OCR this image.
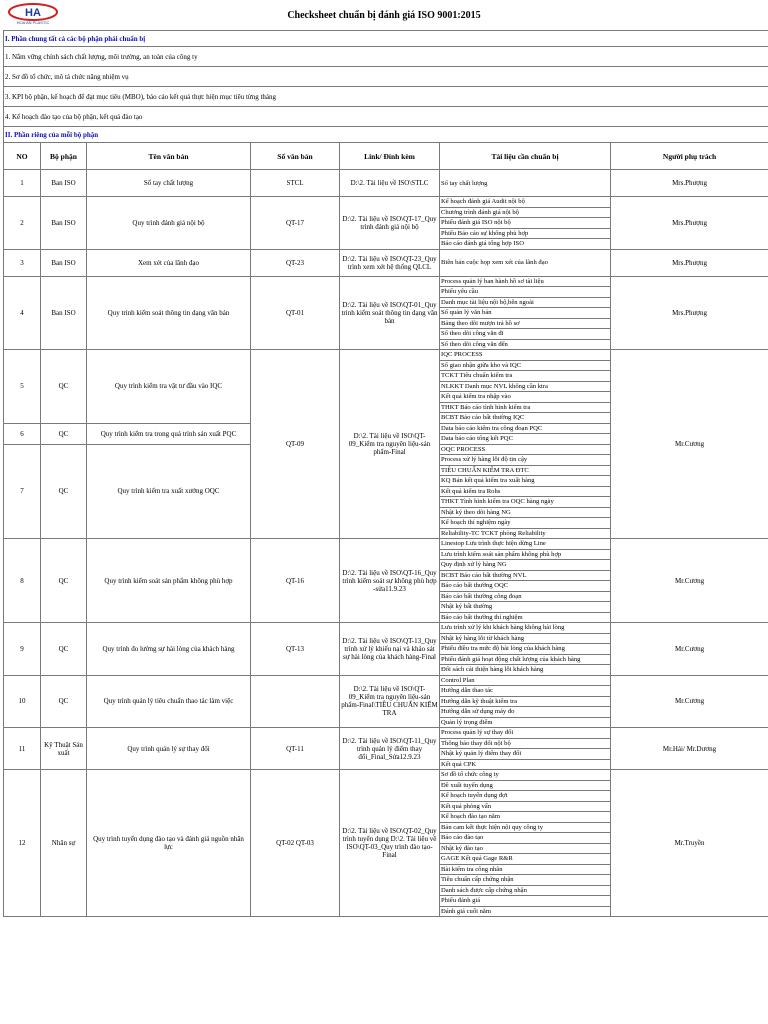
HA
HOA AN PLASTIC
Checksheet chuẩn bị đánh giá ISO 9001:2015
I. Phần chung tất cả các bộ phận phải chuẩn bị						
1. Nắm vững chính sách chất lượng, môi trường, an toàn của công ty						
2. Sơ đồ tổ chức, mô tả chức năng nhiệm vụ						
3. KPI bộ phận, kế hoạch để đạt mục tiêu (MBO), báo cáo kết quả thực hiện mục tiêu từng tháng						
4. Kế hoạch đào tạo của bộ phận, kết quả đào tạo						
II. Phần riêng của mỗi bộ phận						
NO	Bộ phận	Tên văn bản	Số văn bản	Link/ Đính kèm	Tài liệu cần chuẩn bị	Người phụ trách
1	Ban ISO	Sổ tay chất lượng	STCL	D:\2. Tài liệu về ISO\STLC	Sổ tay chất lượng	Mrs.Phượng
2	Ban ISO	Quy trình đánh giá nội bộ	QT-17	D:\2. Tài liệu về ISO\QT-17_Quy trình đánh giá nội bộ	Kế hoạch đánh giá Audit nội bộ	Mrs.Phượng
					Chương trình đánh giá nội bộ	
					Phiếu đánh giá ISO nội bộ	
					Phiếu Báo cáo sự không phù hợp	
					Báo cáo đánh giá tổng hợp ISO	
3	Ban ISO	Xem xét của lãnh đạo	QT-23	D:\2. Tài liệu về ISO\QT-23_Quy trình xem xét hệ thống QLCL	Biên bản cuộc họp xem xét của lãnh đạo	Mrs.Phượng
4	Ban ISO	Quy trình kiểm soát thông tin dạng văn bản	QT-01	D:\2. Tài liệu về ISO\QT-01_Quy trình kiểm soát thông tin dạng văn bản	Process quản lý ban hành hồ sơ tài liệu	Mrs.Phượng
					Phiếu yêu cầu	
					Danh mục tài liệu nội bộ,bên ngoài	
					Sổ quản lý văn bản	
					Bảng theo dõi mượn trả hồ sơ	
					Sổ theo dõi công văn đi	
					Sổ theo dõi công văn đến	
5	QC	Quy trình kiểm tra vật tư đầu vào IQC	QT-09	D:\2. Tài liệu về ISO\QT-09_Kiểm tra nguyên liệu-sản phẩm-Final	IQC PROCESS	Mr.Cương
					Sổ giao nhận giữa kho và IQC	
					TCKT Tiêu chuẩn kiểm tra	
					NLKKT Danh mục NVL không cần ktra	
					Kết quả kiểm tra nhập vào	
					THKT Báo cáo tình hình kiểm tra	
					BCBT Báo cáo bất thường IQC	
6	QC	Quy trình kiểm tra trong quá trình sản xuất PQC			Data báo cáo kiểm tra công đoạn PQC	
					Data báo cáo tổng kết PQC	
7	QC	Quy trình kiểm tra xuất xưởng OQC			OQC PROCESS	
					Process xử lý hàng lỗi độ tin cậy	
					TIÊU CHUẨN KIỂM TRA ĐTC	
					KQ Bản kết quả kiểm tra xuất hàng	
					Kết quả kiểm tra Rohs	
					THKT Tình hình kiểm tra OQC hàng ngày	
					Nhật ký theo dõi hàng NG	
					Kế hoạch thí nghiệm ngày	
					Reliability-TC TCKT phòng Reliability	
8	QC	Quy trình kiểm soát sản phẩm không phù hợp	QT-16	D:\2. Tài liệu về ISO\QT-16_Quy trình kiểm soát sự không phù hợp -sửa11.9.23	Linestop Lưu trình thực hiện dừng Line	Mr.Cương
					Lưu trình kiểm soát sản phẩm không phù hợp	
					Quy định xử lý hàng NG	
					BCBT Báo cáo bất thường NVL	
					Báo cáo bất thường OQC	
					Báo cáo bất thường công đoạn	
					Nhật ký bất thường	
					Báo cáo bất thường thí nghiệm	
9	QC	Quy trình đo lường sự hài lòng của khách hàng	QT-13	D:\2. Tài liệu về ISO\QT-13_Quy trình xử lý khiếu nại và khảo sát sự hài lòng của khách hàng-Final	Lưu trình xử lý khi khách hàng không hài lòng	Mr.Cương
					Nhật ký hàng lỗi từ khách hàng	
					Phiếu điều tra mức độ hài lòng của khách hàng	
					Phiếu đánh giá hoạt động chất lượng của khách hàng	
					Đối sách cải thiện hàng lỗi khách hàng	
10	QC	Quy trình quản lý tiêu chuẩn thao tác làm việc		D:\2. Tài liệu về ISO\QT-09_Kiểm tra nguyên liệu-sản phẩm-Final\TIÊU CHUẨN KIỂM TRA	Control Plan	Mr.Cương
					Hướng dẫn thao tác	
					Hướng dẫn kỹ thuật kiểm tra	
					Hướng dẫn sử dụng máy đo	
					Quản lý trọng điểm	
11	Kỹ Thuật Sản xuất	Quy trình quản lý sự thay đổi	QT-11	D:\2. Tài liệu về ISO\QT-11_Quy trình quản lý điểm thay đổi_Final_Sửa12.9.23	Process quản lý sự thay đổi	Mr.Hải/ Mr.Dương
					Thông báo thay đổi nội bộ	
					Nhật ký quản lý điểm thay đổi	
					Kết quả CPK	
12	Nhân sự	Quy trình tuyển dụng đào tạo và đánh giá nguồn nhân lực	QT-02 QT-03	D:\2. Tài liệu về ISO\QT-02_Quy trình tuyển dụng D:\2. Tài liệu về ISO\QT-03_Quy trình đào tạo-Final	Sơ đồ tổ chức công ty	Mr.Truyền
					Đề xuất tuyển dụng	
					Kế hoạch tuyển dụng đợt	
					Kết quả phỏng vấn	
					Kế hoạch đào tạo năm	
					Bản cam kết thực hiện nội quy công ty	
					Báo cáo đào tạo	
					Nhật ký đào tạo	
					GAGE Kết quả Gage R&R	
					Bài kiểm tra công nhân	
					Tiêu chuẩn cấp chứng nhận	
					Danh sách được cấp chứng nhận	
					Phiếu đánh giá	
					Đánh giá cuối năm	
